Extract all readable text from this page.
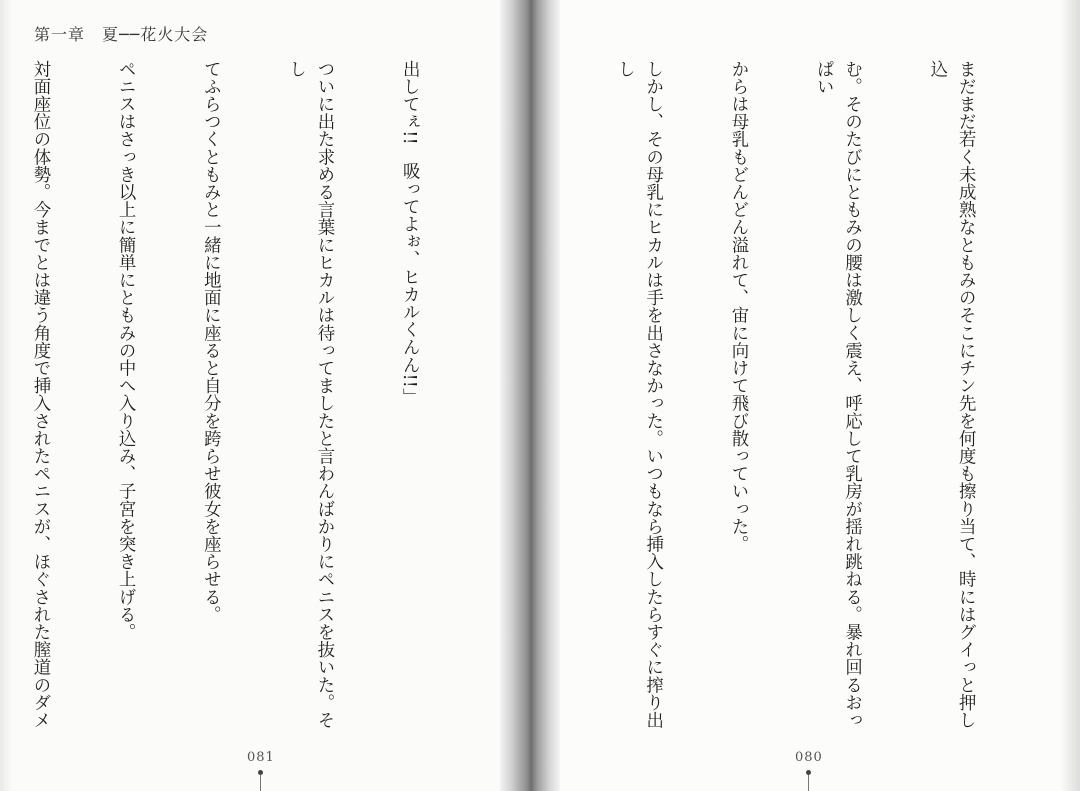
第一章　夏──花火大会

出してぇ!!　吸ってよぉ、ヒカルくんん!!」

ついに出た求める言葉にヒカルは待ってましたと言わんばかりにペニスを抜いた。そし

てふらつくともみと一緒に地面に座ると自分を跨らせ彼女を座らせる。

ペニスはさっき以上に簡単にともみの中へ入り込み、子宮を突き上げる。

対面座位の体勢。今までとは違う角度で挿入されたペニスが、ほぐされた膣道のダメ

	まだまだ若く未成熟なともみのそこにチン先を何度も擦り当て、時にはグイっと押し込

む。そのたびにともみの腰は激しく震え、呼応して乳房が揺れ跳ねる。暴れ回るおっぱい

からは母乳もどんどん溢れて、宙に向けて飛び散っていった。

しかし、その母乳にヒカルは手を出さなかった。いつもなら挿入したらすぐに搾り出し

081	080
